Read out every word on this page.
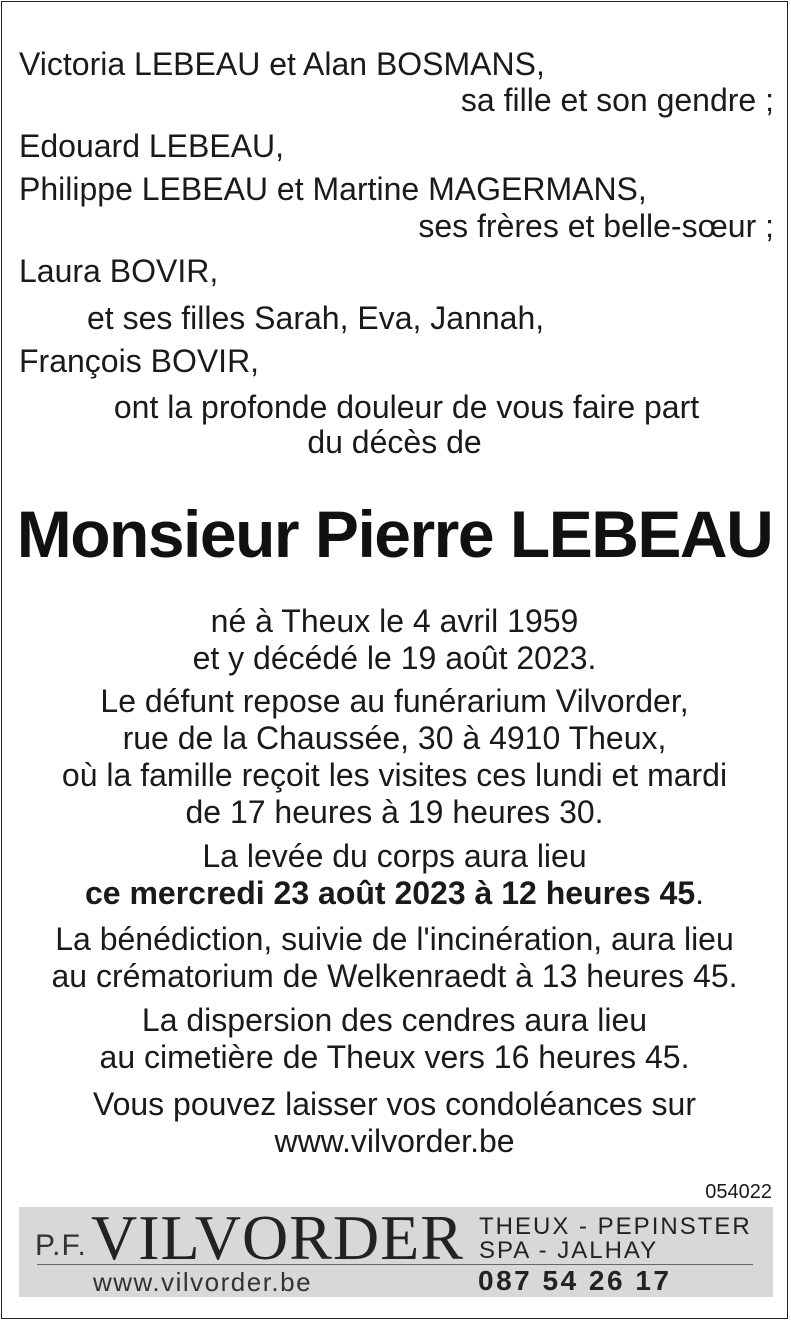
Victoria LEBEAU et Alan BOSMANS,
sa fille et son gendre ;
Edouard LEBEAU,
Philippe LEBEAU et Martine MAGERMANS,
ses frères et belle-sœur ;
Laura BOVIR,
et ses filles Sarah, Eva, Jannah,
François BOVIR,
ont la profonde douleur de vous faire part
du décès de
Monsieur Pierre LEBEAU
né à Theux le 4 avril 1959
et y décédé le 19 août 2023.
Le défunt repose au funérarium Vilvorder,
rue de la Chaussée, 30 à 4910 Theux,
où la famille reçoit les visites ces lundi et mardi
de 17 heures à 19 heures 30.
La levée du corps aura lieu
ce mercredi 23 août 2023 à 12 heures 45.
La bénédiction, suivie de l'incinération, aura lieu
au crématorium de Welkenraedt à 13 heures 45.
La dispersion des cendres aura lieu
au cimetière de Theux vers 16 heures 45.
Vous pouvez laisser vos condoléances sur
www.vilvorder.be
054022
P.F. VILVORDER THEUX - PEPINSTER
SPA - JALHAY
www.vilvorder.be	087 54 26 17
